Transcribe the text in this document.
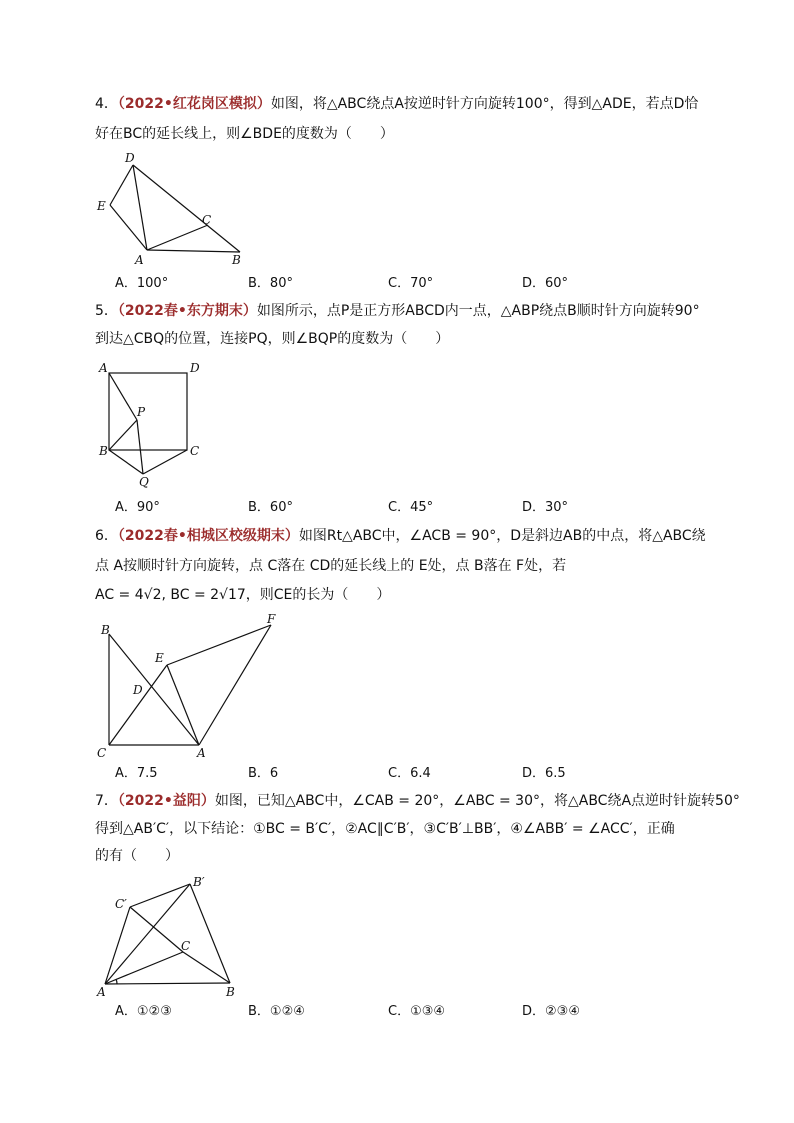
4．（2022•红花岗区模拟）如图，将△ABC绕点A按逆时针方向旋转100°，得到△ADE，若点D恰
好在BC的延长线上，则∠BDE的度数为（　　）
D
E
C
A	B
A．100°	B．80°	C．70°	D．60°
5．（2022春•东方期末）如图所示，点P是正方形ABCD内一点，△ABP绕点B顺时针方向旋转90°
到达△CBQ的位置，连接PQ，则∠BQP的度数为（　　）
A	D
P
B	C
Q
A．90°	B．60°	C．45°	D．30°
6．（2022春•相城区校级期末）如图Rt△ABC中，∠ACB = 90°，D是斜边AB的中点，将△ABC绕
点 A按顺时针方向旋转，点 C落在 CD的延长线上的 E处，点 B落在 F处，若
AC = 4√2, BC = 2√17，则CE的长为（　　）
B
F
E
D
C	A
A．7.5	B．6	C．6.4	D．6.5
7．（2022•益阳）如图，已知△ABC中，∠CAB = 20°，∠ABC = 30°，将△ABC绕A点逆时针旋转50°
得到△AB′C′，以下结论：①BC = B′C′，②AC∥C′B′，③C′B′⊥BB′，④∠ABB′ = ∠ACC′，正确
的有（　　）
B′
C′
C
A	B
A．①②③	B．①②④	C．①③④	D．②③④
